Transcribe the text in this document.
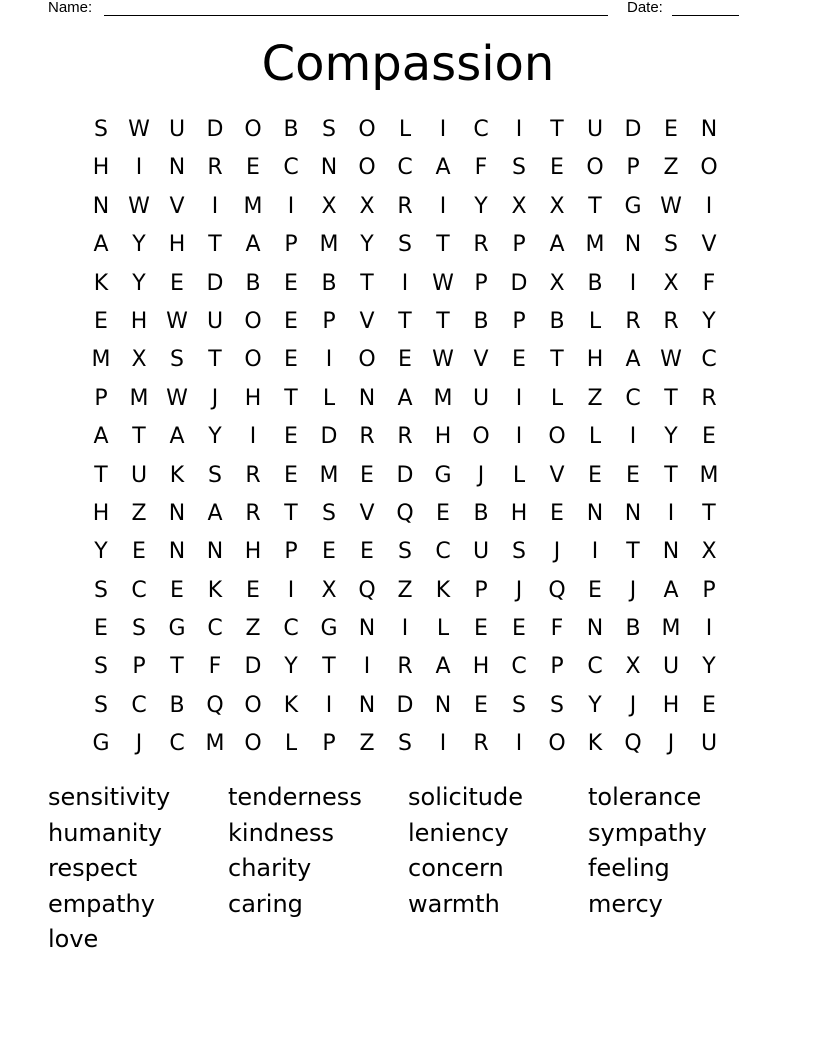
Name:	Date:
Compassion
S W U D O B	S	O	L	I	C	I	T	U D	E	N
H	I	N	R	E	C	N O C	A	F	S	E	O	P	Z O
N W V	I	M	I	X	X	R	I	Y	X	X	T	G W	I
A	Y	H	T	A	P M Y	S	T	R	P	A M N	S	V
K	Y	E	D B	E	B	T	I	W P	D X	B	I	X	F
E	H W U O	E	P	V	T	T	B	P	B	L	R	R	Y
M X	S	T	O	E	I	O	E W V	E	T	H	A W C
P M W	J	H	T	L	N	A M U	I	L	Z	C	T	R
A	T	A	Y	I	E	D R	R	H O	I	O	L	I	Y	E
T	U	K	S	R	E M E	D G	J	L	V	E	E	T M
H	Z	N	A	R	T	S	V Q	E	B	H	E	N N	I	T
Y	E	N N H	P	E	E	S	C	U	S	J	I	T	N	X
S	C	E	K	E	I	X Q Z	K	P	J	Q	E	J	A	P
E	S	G C	Z	C G N	I	L	E	E	F	N	B M	I
S	P	T	F	D	Y	T	I	R	A	H	C	P	C	X	U	Y
S	C	B Q O	K	I	N D N	E	S	S	Y	J	H	E
G	J	C M O	L	P	Z	S	I	R	I	O	K	Q	J	U
sensitivity	tenderness	solicitude	tolerance
humanity	kindness	leniency	sympathy
respect	charity	concern	feeling
empathy	caring	warmth	mercy
love
